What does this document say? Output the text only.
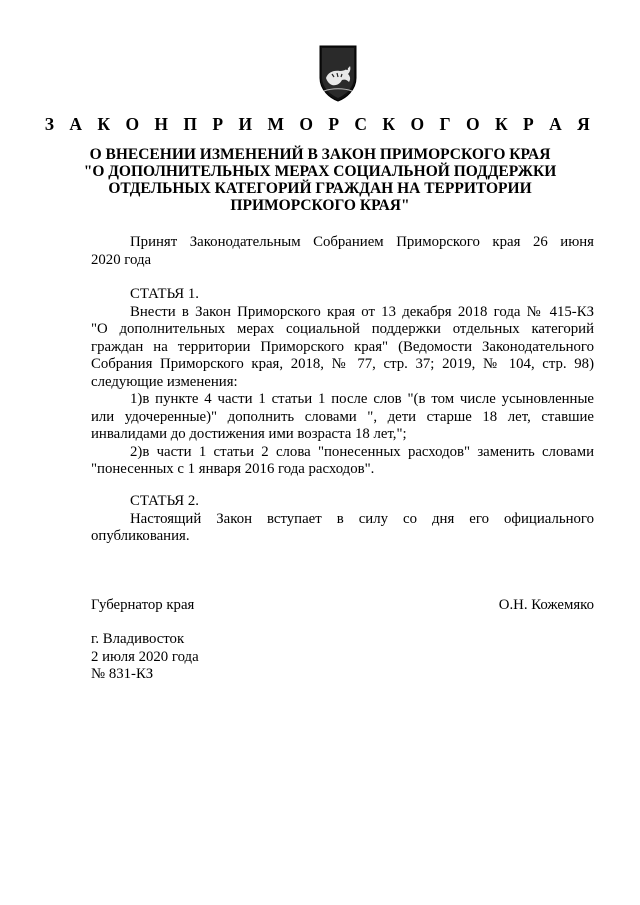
З А К О Н П Р И М О Р С К О Г О К Р А Я
О ВНЕСЕНИИ ИЗМЕНЕНИЙ В ЗАКОН ПРИМОРСКОГО КРАЯ
"О ДОПОЛНИТЕЛЬНЫХ МЕРАХ СОЦИАЛЬНОЙ ПОДДЕРЖКИ
ОТДЕЛЬНЫХ КАТЕГОРИЙ ГРАЖДАН НА ТЕРРИТОРИИ
ПРИМОРСКОГО КРАЯ"
Принят Законодательным Собранием Приморского края 26 июня
2020 года
СТАТЬЯ 1.
Внести в Закон Приморского края от 13 декабря 2018 года № 415-КЗ
"О дополнительных мерах социальной поддержки отдельных категорий
граждан на территории Приморского края" (Ведомости Законодательного
Собрания Приморского края, 2018, № 77, стр. 37; 2019, № 104, стр. 98)
следующие изменения:
1)в пункте 4 части 1 статьи 1 после слов "(в том числе усыновленные
или удочеренные)" дополнить словами ", дети старше 18 лет, ставшие
инвалидами до достижения ими возраста 18 лет,";
2)в части 1 статьи 2 слова "понесенных расходов" заменить словами
"понесенных с 1 января 2016 года расходов".
СТАТЬЯ 2.
Настоящий Закон вступает в силу со дня его официального
опубликования.
Губернатор края	О.Н. Кожемяко
г. Владивосток
2 июля 2020 года
№ 831-КЗ
